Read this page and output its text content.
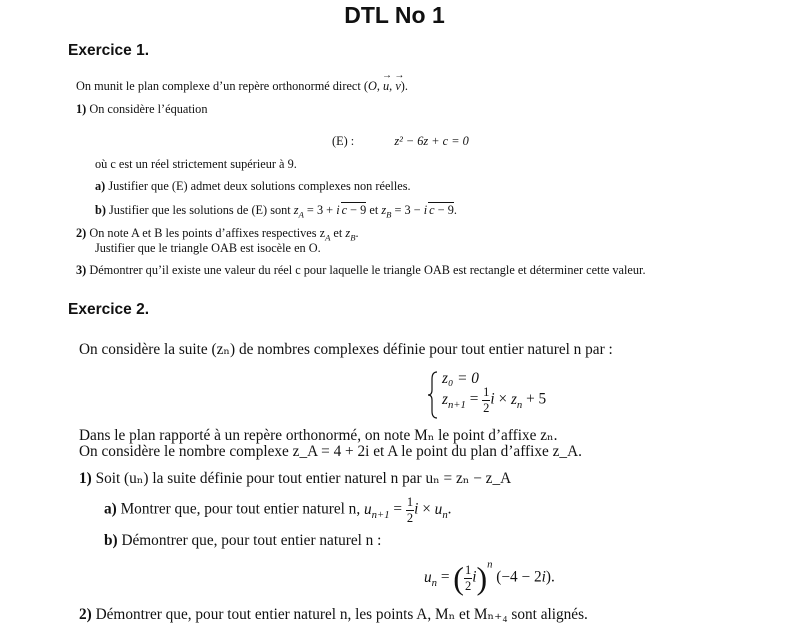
DTL No 1
Exercice 1.
On munit le plan complexe d’un repère orthonormé direct (O, → u, → v).
1) On considère l’équation
(E) :	z² − 6z + c = 0
où c est un réel strictement supérieur à 9.
a) Justifier que (E) admet deux solutions complexes non réelles.
b) Justifier que les solutions de (E) sont $z_A = 3 + i$ c − 9 et $z_B = 3 - i$ c − 9.
2) On note A et B les points d’affixes respectives $z_A$ et $z_B$.
Justifier que le triangle OAB est isocèle en O.
3) Démontrer qu’il existe une valeur du réel c pour laquelle le triangle OAB est rectangle et déterminer cette valeur.
Exercice 2.
On considère la suite (zₙ) de nombres complexes définie pour tout entier naturel n par :
z₀ = 0
$z_{n+1} = \frac{1}{2}$ $i \times z_n + 5$
Dans le plan rapporté à un repère orthonormé, on note Mₙ le point d’affixe zₙ.
On considère le nombre complexe z_A = 4 + 2i et A le point du plan d’affixe z_A.
1) Soit (uₙ) la suite définie pour tout entier naturel n par uₙ = zₙ − z_A
a) Montrer que, pour tout entier naturel n, $u_{n+1} = \frac{1}{2}$ $i \times u_n$.
b) Démontrer que, pour tout entier naturel n :
$u_n$ = ( $\frac{1}{2} i)^n$ (−4 − 2i).
2) Démontrer que, pour tout entier naturel n, les points A, Mₙ et Mₙ₊₄ sont alignés.
